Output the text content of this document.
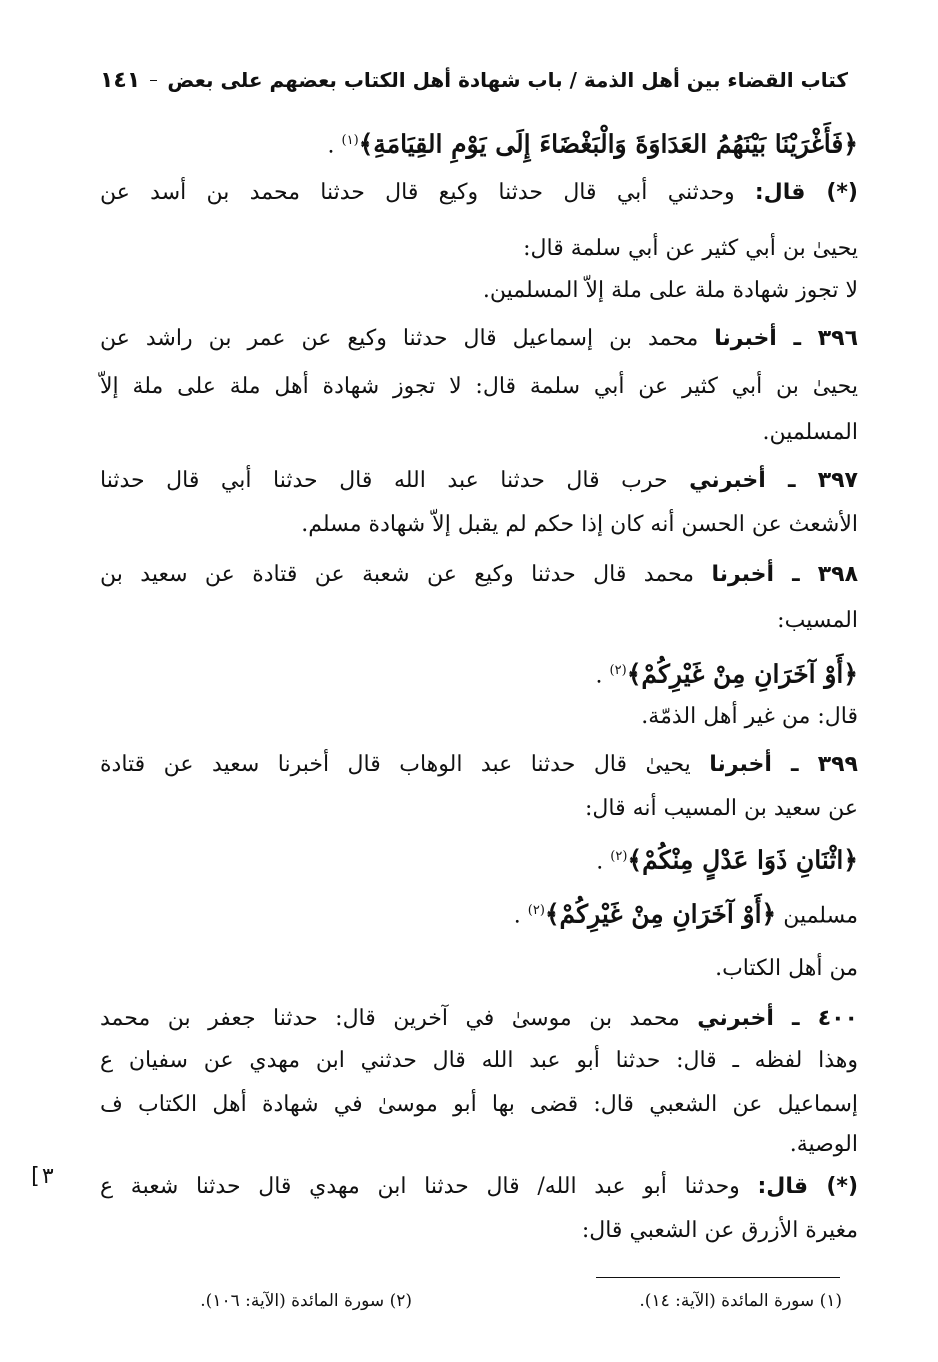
كتاب القضاء بين أهل الذمة / باب شهادة أهل الكتاب بعضهم على بعض
١٤١
﴿فَأَغْرَيْنَا بَيْنَهُمُ العَدَاوَةَ وَالْبَغْضَاءَ إِلَى يَوْمِ القِيَامَةِ﴾$^{(١)}$ .
(*) قال: وحدثني أبي قال حدثنا وكيع قال حدثنا محمد بن أسد عن
يحيىٰ بن أبي كثير عن أبي سلمة قال:
لا تجوز شهادة ملة على ملة إلاّ المسلمين.
٣٩٦ ـ أخبرنا محمد بن إسماعيل قال حدثنا وكيع عن عمر بن راشد عن
يحيىٰ بن أبي كثير عن أبي سلمة قال: لا تجوز شهادة أهل ملة على ملة إلاّ
المسلمين.
٣٩٧ ـ أخبرني حرب قال حدثنا عبد الله قال حدثنا أبي قال حدثنا
الأشعث عن الحسن أنه كان إذا حكم لم يقبل إلاّ شهادة مسلم.
٣٩٨ ـ أخبرنا محمد قال حدثنا وكيع عن شعبة عن قتادة عن سعيد بن
المسيب:
﴿أَوْ آخَرَانِ مِنْ غَيْرِكُمْ﴾$^{(٢)}$ .
قال: من غير أهل الذمّة.
٣٩٩ ـ أخبرنا يحيىٰ قال حدثنا عبد الوهاب قال أخبرنا سعيد عن قتادة
عن سعيد بن المسيب أنه قال:
﴿اثْنَانِ ذَوَا عَدْلٍ مِنْكُمْ﴾$^{(٢)}$ .
مسلمين ﴿أَوْ آخَرَانِ مِنْ غَيْرِكُمْ﴾$^{(٢)}$ .
من أهل الكتاب.
٤٠٠ ـ أخبرني محمد بن موسىٰ في آخرين قال: حدثنا جعفر بن محمد
وهذا لفظه ـ قال: حدثنا أبو عبد الله قال حدثني ابن مهدي عن سفيان ع
إسماعيل عن الشعبي قال: قضى بها أبو موسىٰ في شهادة أهل الكتاب ف
الوصية.
(*) قال: وحدثنا أبو عبد الله/ قال حدثنا ابن مهدي قال حدثنا شعبة ع
مغيرة الأزرق عن الشعبي قال:
[٣
(١) سورة المائدة (الآية: ١٤).
(٢) سورة المائدة (الآية: ١٠٦).
